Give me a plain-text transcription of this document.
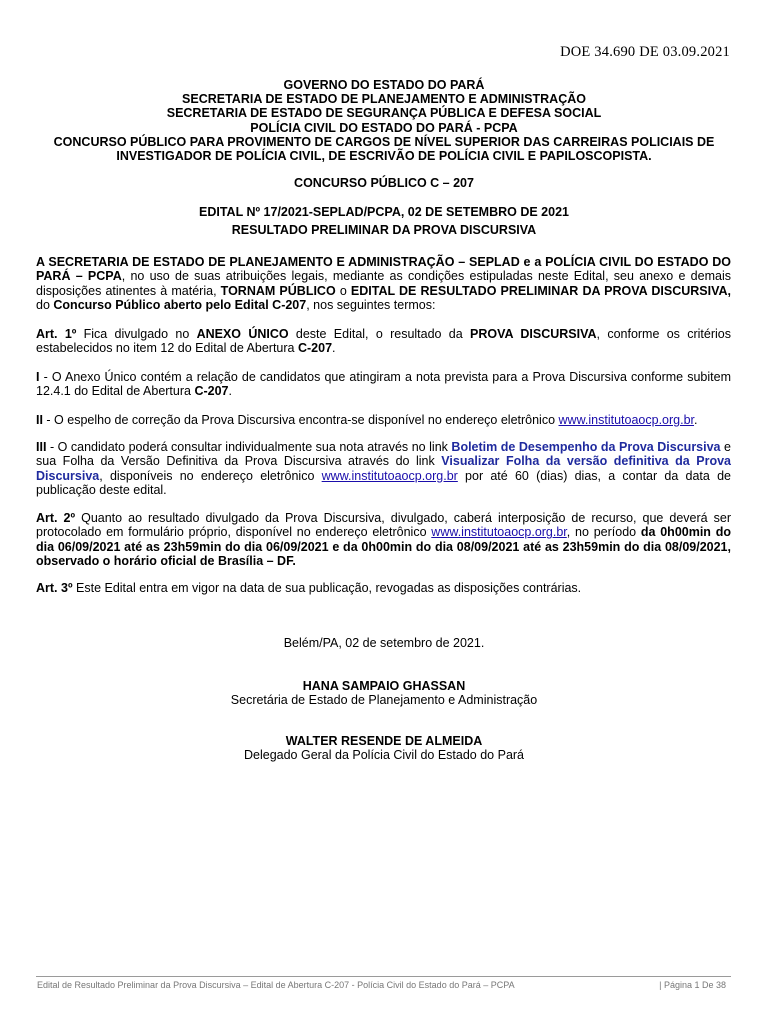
DOE 34.690 DE 03.09.2021
GOVERNO DO ESTADO DO PARÁ
SECRETARIA DE ESTADO DE PLANEJAMENTO E ADMINISTRAÇÃO
SECRETARIA DE ESTADO DE SEGURANÇA PÚBLICA E DEFESA SOCIAL
POLÍCIA CIVIL DO ESTADO DO PARÁ - PCPA
CONCURSO PÚBLICO PARA PROVIMENTO DE CARGOS DE NÍVEL SUPERIOR DAS CARREIRAS POLICIAIS DE INVESTIGADOR DE POLÍCIA CIVIL, DE ESCRIVÃO DE POLÍCIA CIVIL E PAPILOSCOPISTA.
CONCURSO PÚBLICO C – 207
EDITAL Nº 17/2021-SEPLAD/PCPA, 02 DE SETEMBRO DE 2021
RESULTADO PRELIMINAR DA PROVA DISCURSIVA
A SECRETARIA DE ESTADO DE PLANEJAMENTO E ADMINISTRAÇÃO – SEPLAD e a POLÍCIA CIVIL DO ESTADO DO PARÁ – PCPA, no uso de suas atribuições legais, mediante as condições estipuladas neste Edital, seu anexo e demais disposições atinentes à matéria, TORNAM PÚBLICO o EDITAL DE RESULTADO PRELIMINAR DA PROVA DISCURSIVA, do Concurso Público aberto pelo Edital C-207, nos seguintes termos:
Art. 1º Fica divulgado no ANEXO ÚNICO deste Edital, o resultado da PROVA DISCURSIVA, conforme os critérios estabelecidos no item 12 do Edital de Abertura C-207.
I - O Anexo Único contém a relação de candidatos que atingiram a nota prevista para a Prova Discursiva conforme subitem 12.4.1 do Edital de Abertura C-207.
II - O espelho de correção da Prova Discursiva encontra-se disponível no endereço eletrônico www.institutoaocp.org.br.
III - O candidato poderá consultar individualmente sua nota através no link Boletim de Desempenho da Prova Discursiva e sua Folha da Versão Definitiva da Prova Discursiva através do link Visualizar Folha da versão definitiva da Prova Discursiva, disponíveis no endereço eletrônico www.institutoaocp.org.br por até 60 (dias) dias, a contar da data de publicação deste edital.
Art. 2º Quanto ao resultado divulgado da Prova Discursiva, divulgado, caberá interposição de recurso, que deverá ser protocolado em formulário próprio, disponível no endereço eletrônico www.institutoaocp.org.br, no período da 0h00min do dia 06/09/2021 até as 23h59min do dia 06/09/2021 e da 0h00min do dia 08/09/2021 até as 23h59min do dia 08/09/2021, observado o horário oficial de Brasília – DF.
Art. 3º Este Edital entra em vigor na data de sua publicação, revogadas as disposições contrárias.
Belém/PA, 02 de setembro de 2021.
HANA SAMPAIO GHASSAN
Secretária de Estado de Planejamento e Administração
WALTER RESENDE DE ALMEIDA
Delegado Geral da Polícia Civil do Estado do Pará
Edital de Resultado Preliminar da Prova Discursiva – Edital de Abertura C-207 - Polícia Civil do Estado do Pará – PCPA	| Página 1 De 38
